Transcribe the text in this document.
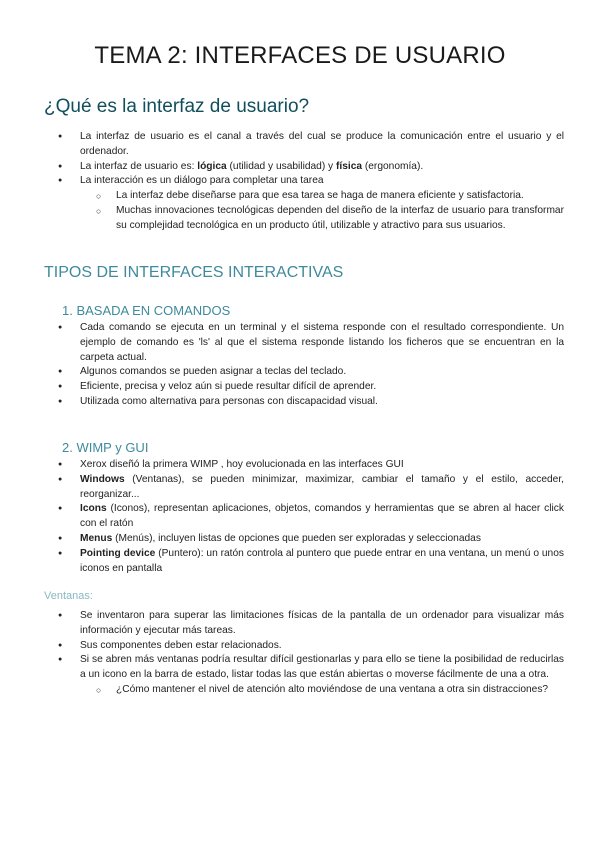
TEMA 2: INTERFACES DE USUARIO
¿Qué es la interfaz de usuario?
● La interfaz de usuario es el canal a través del cual se produce la comunicación entre el usuario y el ordenador.
● La interfaz de usuario es: lógica (utilidad y usabilidad) y física (ergonomía).
● La interacción es un diálogo para completar una tarea
○ La interfaz debe diseñarse para que esa tarea se haga de manera eficiente y satisfactoria.
○ Muchas innovaciones tecnológicas dependen del diseño de la interfaz de usuario para transformar su complejidad tecnológica en un producto útil, utilizable y atractivo para sus usuarios.
TIPOS DE INTERFACES INTERACTIVAS
1. BASADA EN COMANDOS
● Cada comando se ejecuta en un terminal y el sistema responde con el resultado correspondiente. Un ejemplo de comando es 'ls' al que el sistema responde listando los ficheros que se encuentran en la carpeta actual.
● Algunos comandos se pueden asignar a teclas del teclado.
● Eficiente, precisa y veloz aún si puede resultar difícil de aprender.
● Utilizada como alternativa para personas con discapacidad visual.
2. WIMP y GUI
● Xerox diseñó la primera WIMP , hoy evolucionada en las interfaces GUI
● Windows (Ventanas), se pueden minimizar, maximizar, cambiar el tamaño y el estilo, acceder, reorganizar...
● Icons (Iconos), representan aplicaciones, objetos, comandos y herramientas que se abren al hacer click con el ratón
● Menus (Menús), incluyen listas de opciones que pueden ser exploradas y seleccionadas
● Pointing device (Puntero): un ratón controla al puntero que puede entrar en una ventana, un menú o unos iconos en pantalla
Ventanas:
● Se inventaron para superar las limitaciones físicas de la pantalla de un ordenador para visualizar más información y ejecutar más tareas.
● Sus componentes deben estar relacionados.
● Si se abren más ventanas podría resultar difícil gestionarlas y para ello se tiene la posibilidad de reducirlas a un icono en la barra de estado, listar todas las que están abiertas o moverse fácilmente de una a otra.
○ ¿Cómo mantener el nivel de atención alto moviéndose de una ventana a otra sin distracciones?
